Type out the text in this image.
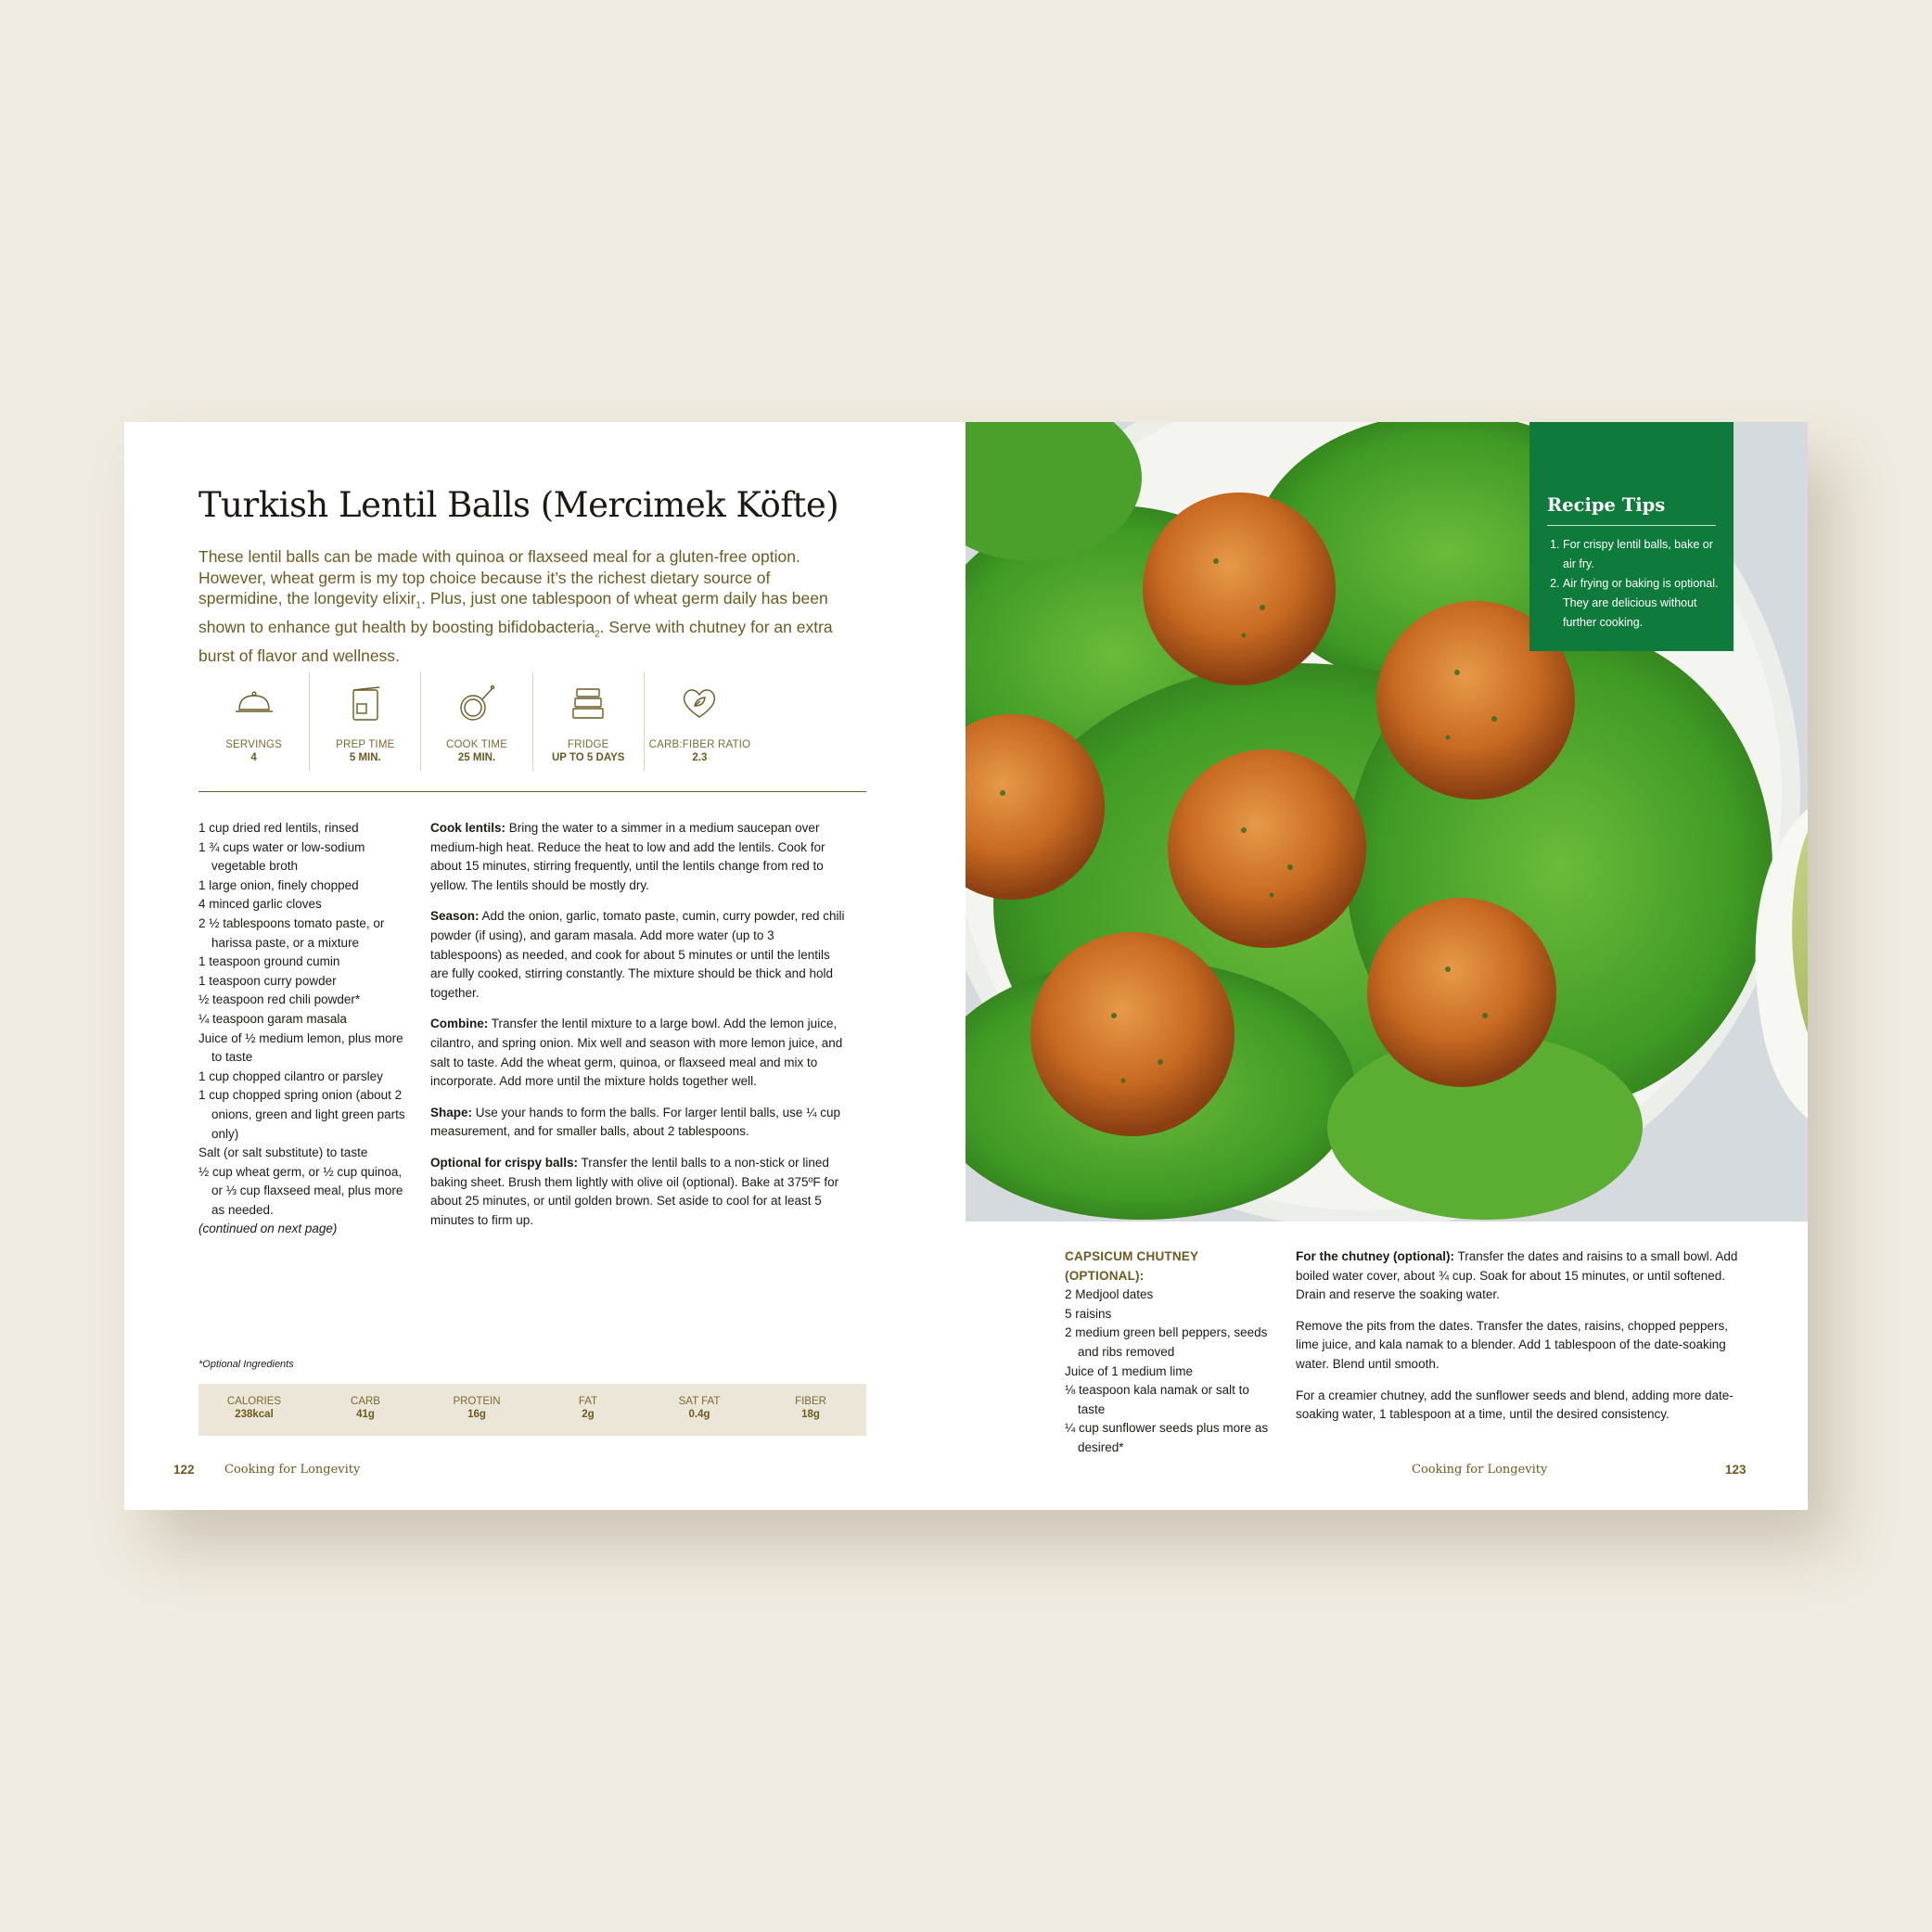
Turkish Lentil Balls (Mercimek Köfte)

These lentil balls can be made with quinoa or flaxseed meal for a gluten-free option. However, wheat germ is my top choice because it’s the richest dietary source of spermidine, the longevity elixir$_1$. Plus, just one tablespoon of wheat germ daily has been shown to enhance gut health by boosting bifidobacteria$_2$. Serve with chutney for an extra burst of flavor and wellness.

SERVINGS
4
PREP TIME
5 MIN.
COOK TIME
25 MIN.
FRIDGE
UP TO 5 DAYS
CARB:FIBER RATIO
2.3
1 cup dried red lentils, rinsed
1 ¾ cups water or low-sodium vegetable broth
1 large onion, finely chopped
4 minced garlic cloves
2 ½ tablespoons tomato paste, or harissa paste, or a mixture
1 teaspoon ground cumin
1 teaspoon curry powder
½ teaspoon red chili powder*
¼ teaspoon garam masala
Juice of ½ medium lemon, plus more to taste
1 cup chopped cilantro or parsley
1 cup chopped spring onion (about 2 onions, green and light green parts only)
Salt (or salt substitute) to taste
½ cup wheat germ, or ½ cup quinoa, or ⅓ cup flaxseed meal, plus more as needed.
(continued on next page)

Cook lentils: Bring the water to a simmer in a medium saucepan over medium-high heat. Reduce the heat to low and add the lentils. Cook for about 15 minutes, stirring frequently, until the lentils change from red to yellow. The lentils should be mostly dry.

Season: Add the onion, garlic, tomato paste, cumin, curry powder, red chili powder (if using), and garam masala. Add more water (up to 3 tablespoons) as needed, and cook for about 5 minutes or until the lentils are fully cooked, stirring constantly. The mixture should be thick and hold together.

Combine: Transfer the lentil mixture to a large bowl. Add the lemon juice, cilantro, and spring onion. Mix well and season with more lemon juice, and salt to taste. Add the wheat germ, quinoa, or flaxseed meal and mix to incorporate. Add more until the mixture holds together well.

Shape: Use your hands to form the balls. For larger lentil balls, use ¼ cup measurement, and for smaller balls, about 2 tablespoons.

Optional for crispy balls: Transfer the lentil balls to a non-stick or lined baking sheet. Brush them lightly with olive oil (optional). Bake at 375ºF for about 25 minutes, or until golden brown. Set aside to cool for at least 5 minutes to firm up.

*Optional Ingredients
CALORIES
238kcal
CARB
41g
PROTEIN
16g
FAT
2g
SAT FAT
0.4g
FIBER
18g
122 Cooking for Longevity
Recipe Tips
1. For crispy lentil balls, bake or air fry.
2. Air frying or baking is optional. They are delicious without further cooking.
CAPSICUM CHUTNEY (OPTIONAL):
2 Medjool dates
5 raisins
2 medium green bell peppers, seeds and ribs removed
Juice of 1 medium lime
⅛ teaspoon kala namak or salt to taste
¼ cup sunflower seeds plus more as desired*

For the chutney (optional): Transfer the dates and raisins to a small bowl. Add boiled water cover, about ¾ cup. Soak for about 15 minutes, or until softened. Drain and reserve the soaking water.

Remove the pits from the dates. Transfer the dates, raisins, chopped peppers, lime juice, and kala namak to a blender. Add 1 tablespoon of the date-soaking water. Blend until smooth.

For a creamier chutney, add the sunflower seeds and blend, adding more date-soaking water, 1 tablespoon at a time, until the desired consistency.

Cooking for Longevity	123
